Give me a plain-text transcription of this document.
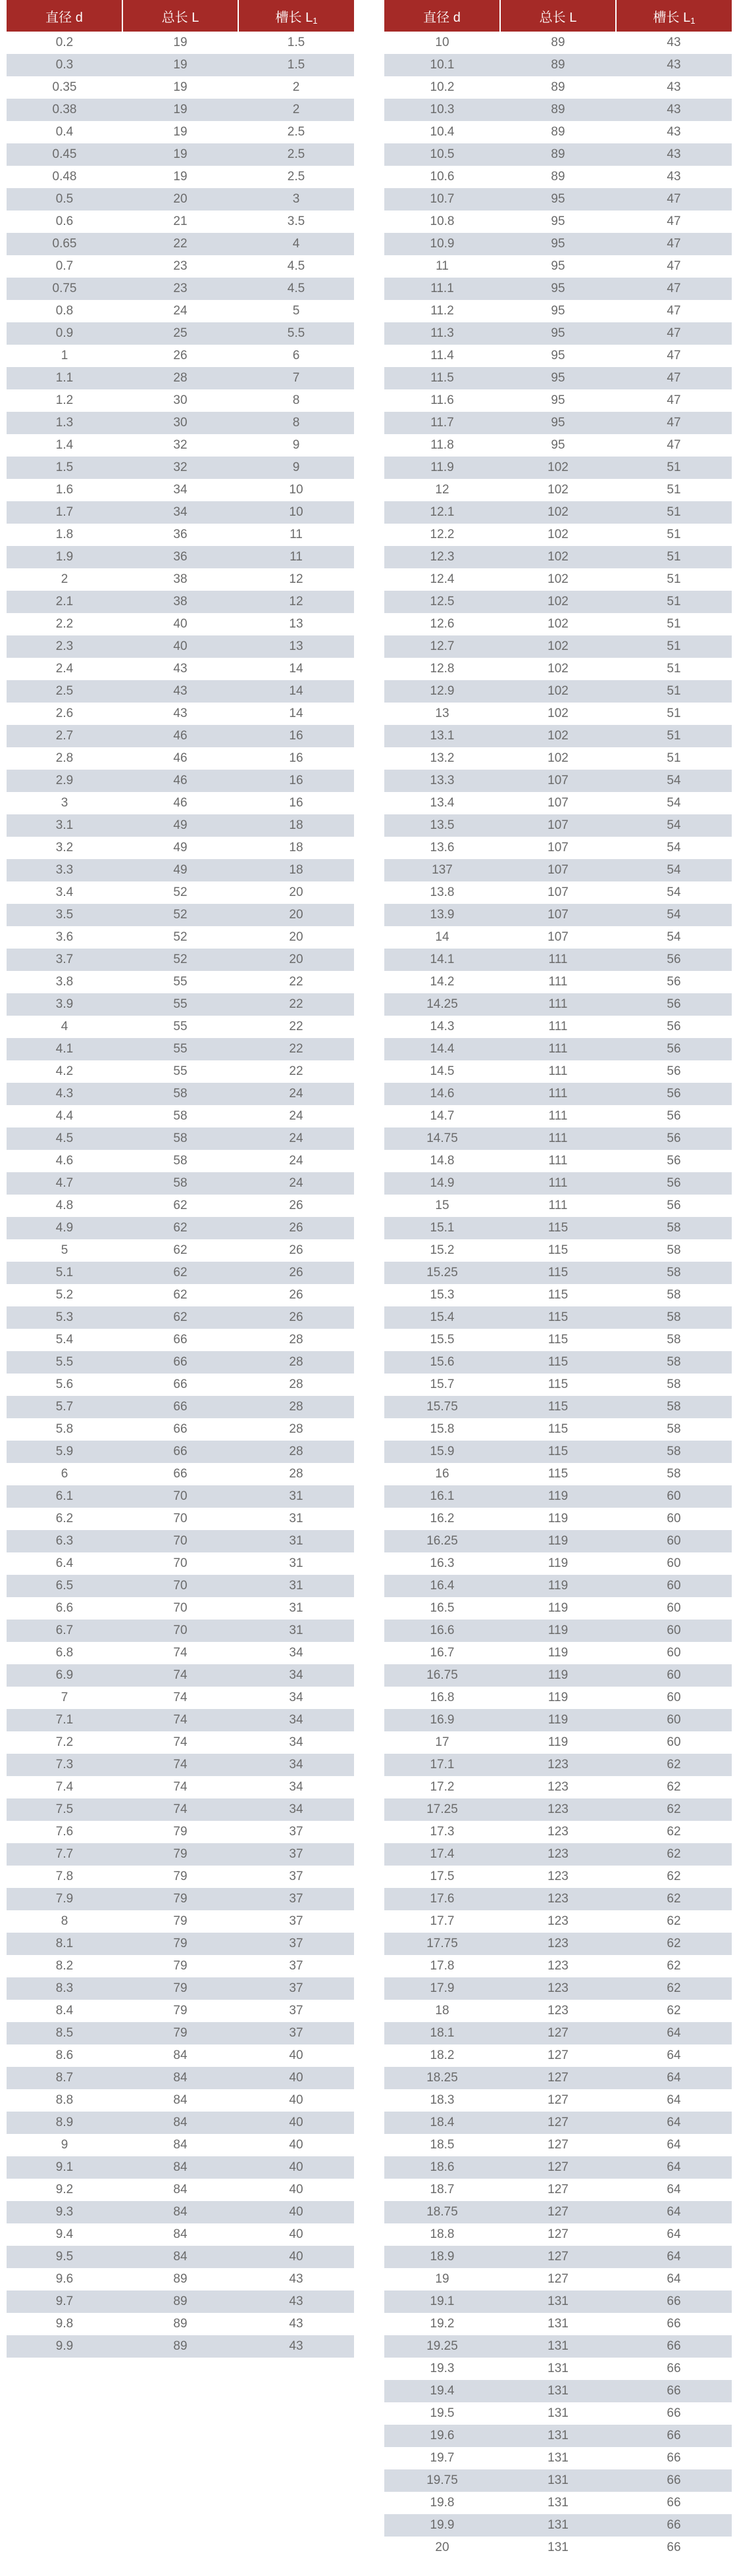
直径 d	总长 L	槽长 $L_1$
0.2	19	1.5
0.3	19	1.5
0.35	19	2
0.38	19	2
0.4	19	2.5
0.45	19	2.5
0.48	19	2.5
0.5	20	3
0.6	21	3.5
0.65	22	4
0.7	23	4.5
0.75	23	4.5
0.8	24	5
0.9	25	5.5
1	26	6
1.1	28	7
1.2	30	8
1.3	30	8
1.4	32	9
1.5	32	9
1.6	34	10
1.7	34	10
1.8	36	11
1.9	36	11
2	38	12
2.1	38	12
2.2	40	13
2.3	40	13
2.4	43	14
2.5	43	14
2.6	43	14
2.7	46	16
2.8	46	16
2.9	46	16
3	46	16
3.1	49	18
3.2	49	18
3.3	49	18
3.4	52	20
3.5	52	20
3.6	52	20
3.7	52	20
3.8	55	22
3.9	55	22
4	55	22
4.1	55	22
4.2	55	22
4.3	58	24
4.4	58	24
4.5	58	24
4.6	58	24
4.7	58	24
4.8	62	26
4.9	62	26
5	62	26
5.1	62	26
5.2	62	26
5.3	62	26
5.4	66	28
5.5	66	28
5.6	66	28
5.7	66	28
5.8	66	28
5.9	66	28
6	66	28
6.1	70	31
6.2	70	31
6.3	70	31
6.4	70	31
6.5	70	31
6.6	70	31
6.7	70	31
6.8	74	34
6.9	74	34
7	74	34
7.1	74	34
7.2	74	34
7.3	74	34
7.4	74	34
7.5	74	34
7.6	79	37
7.7	79	37
7.8	79	37
7.9	79	37
8	79	37
8.1	79	37
8.2	79	37
8.3	79	37
8.4	79	37
8.5	79	37
8.6	84	40
8.7	84	40
8.8	84	40
8.9	84	40
9	84	40
9.1	84	40
9.2	84	40
9.3	84	40
9.4	84	40
9.5	84	40
9.6	89	43
9.7	89	43
9.8	89	43
9.9	89	43
直径 d	总长 L	槽长 $L_1$
10	89	43
10.1	89	43
10.2	89	43
10.3	89	43
10.4	89	43
10.5	89	43
10.6	89	43
10.7	95	47
10.8	95	47
10.9	95	47
11	95	47
11.1	95	47
11.2	95	47
11.3	95	47
11.4	95	47
11.5	95	47
11.6	95	47
11.7	95	47
11.8	95	47
11.9	102	51
12	102	51
12.1	102	51
12.2	102	51
12.3	102	51
12.4	102	51
12.5	102	51
12.6	102	51
12.7	102	51
12.8	102	51
12.9	102	51
13	102	51
13.1	102	51
13.2	102	51
13.3	107	54
13.4	107	54
13.5	107	54
13.6	107	54
137	107	54
13.8	107	54
13.9	107	54
14	107	54
14.1	111	56
14.2	111	56
14.25	111	56
14.3	111	56
14.4	111	56
14.5	111	56
14.6	111	56
14.7	111	56
14.75	111	56
14.8	111	56
14.9	111	56
15	111	56
15.1	115	58
15.2	115	58
15.25	115	58
15.3	115	58
15.4	115	58
15.5	115	58
15.6	115	58
15.7	115	58
15.75	115	58
15.8	115	58
15.9	115	58
16	115	58
16.1	119	60
16.2	119	60
16.25	119	60
16.3	119	60
16.4	119	60
16.5	119	60
16.6	119	60
16.7	119	60
16.75	119	60
16.8	119	60
16.9	119	60
17	119	60
17.1	123	62
17.2	123	62
17.25	123	62
17.3	123	62
17.4	123	62
17.5	123	62
17.6	123	62
17.7	123	62
17.75	123	62
17.8	123	62
17.9	123	62
18	123	62
18.1	127	64
18.2	127	64
18.25	127	64
18.3	127	64
18.4	127	64
18.5	127	64
18.6	127	64
18.7	127	64
18.75	127	64
18.8	127	64
18.9	127	64
19	127	64
19.1	131	66
19.2	131	66
19.25	131	66
19.3	131	66
19.4	131	66
19.5	131	66
19.6	131	66
19.7	131	66
19.75	131	66
19.8	131	66
19.9	131	66
20	131	66
